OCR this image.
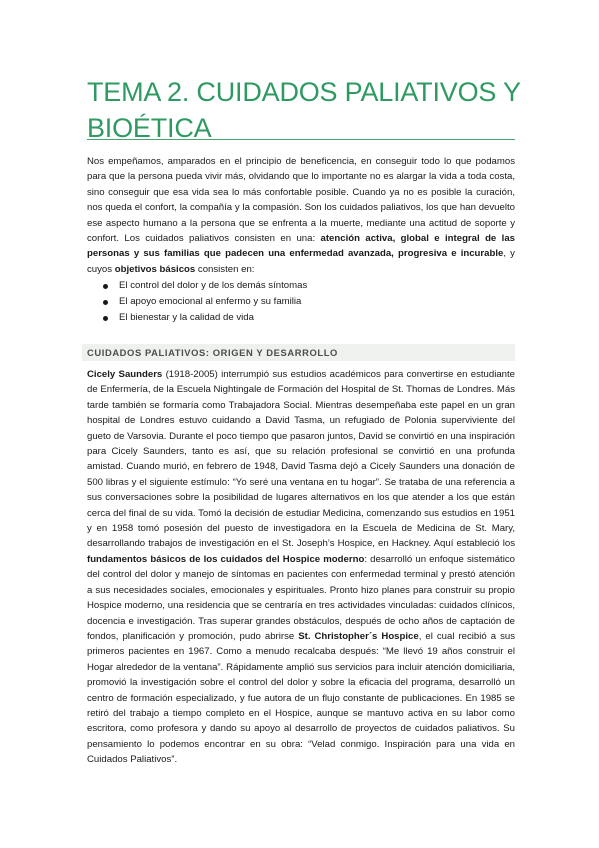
TEMA 2. CUIDADOS PALIATIVOS Y BIOÉTICA

Nos empeñamos, amparados en el principio de beneficencia, en conseguir todo lo que podamos para que la persona pueda vivir más, olvidando que lo importante no es alargar la vida a toda costa, sino conseguir que esa vida sea lo más confortable posible. Cuando ya no es posible la curación, nos queda el confort, la compañía y la compasión. Son los cuidados paliativos, los que han devuelto ese aspecto humano a la persona que se enfrenta a la muerte, mediante una actitud de soporte y confort. Los cuidados paliativos consisten en una: atención activa, global e integral de las personas y sus familias que padecen una enfermedad avanzada, progresiva e incurable, y cuyos objetivos básicos consisten en:

El control del dolor y de los demás síntomas
El apoyo emocional al enfermo y su familia
El bienestar y la calidad de vida
CUIDADOS PALIATIVOS: ORIGEN Y DESARROLLO

Cicely Saunders (1918-2005) interrumpió sus estudios académicos para convertirse en estudiante de Enfermería, de la Escuela Nightingale de Formación del Hospital de St. Thomas de Londres. Más tarde también se formaría como Trabajadora Social. Mientras desempeñaba este papel en un gran hospital de Londres estuvo cuidando a David Tasma, un refugiado de Polonia superviviente del gueto de Varsovia. Durante el poco tiempo que pasaron juntos, David se convirtió en una inspiración para Cicely Saunders, tanto es así, que su relación profesional se convirtió en una profunda amistad. Cuando murió, en febrero de 1948, David Tasma dejó a Cicely Saunders una donación de 500 libras y el siguiente estímulo: “Yo seré una ventana en tu hogar”. Se trataba de una referencia a sus conversaciones sobre la posibilidad de lugares alternativos en los que atender a los que están cerca del final de su vida. Tomó la decisión de estudiar Medicina, comenzando sus estudios en 1951 y en 1958 tomó posesión del puesto de investigadora en la Escuela de Medicina de St. Mary, desarrollando trabajos de investigación en el St. Joseph’s Hospice, en Hackney. Aquí estableció los fundamentos básicos de los cuidados del Hospice moderno: desarrolló un enfoque sistemático del control del dolor y manejo de síntomas en pacientes con enfermedad terminal y prestó atención a sus necesidades sociales, emocionales y espirituales. Pronto hizo planes para construir su propio Hospice moderno, una residencia que se centraría en tres actividades vinculadas: cuidados clínicos, docencia e investigación. Tras superar grandes obstáculos, después de ocho años de captación de fondos, planificación y promoción, pudo abrirse St. Christopher´s Hospice, el cual recibió a sus primeros pacientes en 1967. Como a menudo recalcaba después: “Me llevó 19 años construir el Hogar alrededor de la ventana”. Rápidamente amplió sus servicios para incluir atención domiciliaria, promovió la investigación sobre el control del dolor y sobre la eficacia del programa, desarrolló un centro de formación especializado, y fue autora de un flujo constante de publicaciones. En 1985 se retiró del trabajo a tiempo completo en el Hospice, aunque se mantuvo activa en su labor como escritora, como profesora y dando su apoyo al desarrollo de proyectos de cuidados paliativos. Su pensamiento lo podemos encontrar en su obra: “Velad conmigo. Inspiración para una vida en Cuidados Paliativos”.
